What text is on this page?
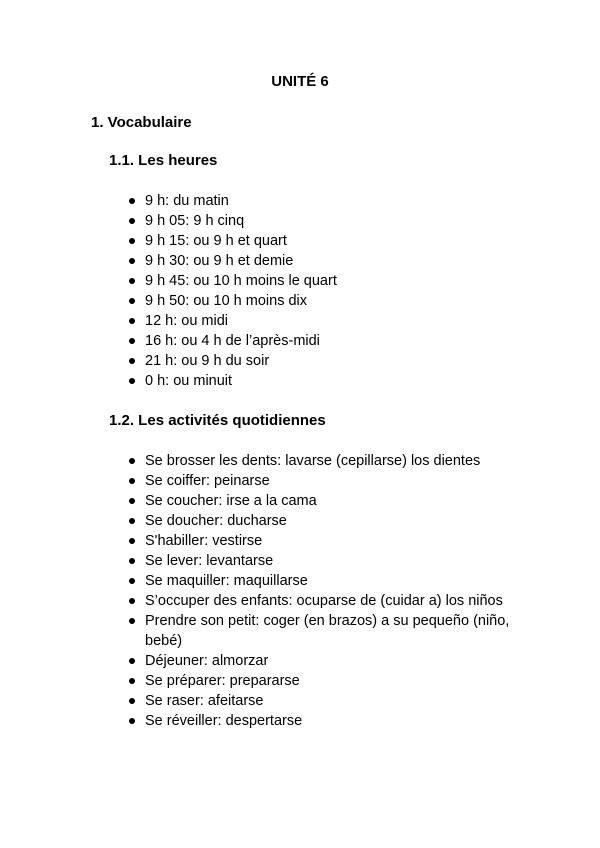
UNITÉ 6
1. Vocabulaire
1.1. Les heures
9 h: du matin
9 h 05: 9 h cinq
9 h 15: ou 9 h et quart
9 h 30: ou 9 h et demie
9 h 45: ou 10 h moins le quart
9 h 50: ou 10 h moins dix
12 h: ou midi
16 h: ou 4 h de l’après-midi
21 h: ou 9 h du soir
0 h: ou minuit
1.2. Les activités quotidiennes
Se brosser les dents: lavarse (cepillarse) los dientes
Se coiffer: peinarse
Se coucher: irse a la cama
Se doucher: ducharse
S'habiller: vestirse
Se lever: levantarse
Se maquiller: maquillarse
S’occuper des enfants: ocuparse de (cuidar a) los niños
Prendre son petit: coger (en brazos) a su pequeño (niño, bebé)
Déjeuner: almorzar
Se préparer: prepararse
Se raser: afeitarse
Se réveiller: despertarse
